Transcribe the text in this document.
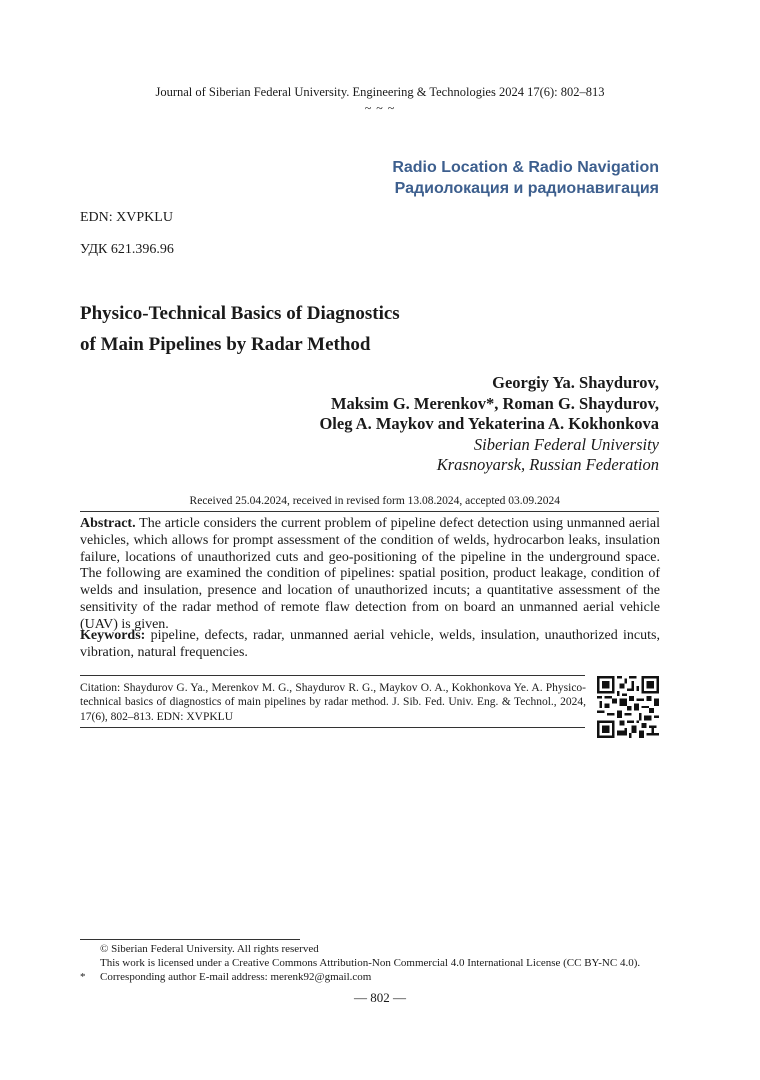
Journal of Siberian Federal University. Engineering & Technologies 2024 17(6): 802–813
~ ~ ~
Radio Location & Radio Navigation
Радиолокация и радионавигация
EDN: XVPKLU
УДК 621.396.96
Physico-Technical Basics of Diagnostics
of Main Pipelines by Radar Method
Georgiy Ya. Shaydurov,
Maksim G. Merenkov*, Roman G. Shaydurov,
Oleg A. Maykov and Yekaterina A. Kokhonkova
Siberian Federal University
Krasnoyarsk, Russian Federation
Received 25.04.2024, received in revised form 13.08.2024, accepted 03.09.2024
Abstract. The article considers the current problem of pipeline defect detection using unmanned aerial vehicles, which allows for prompt assessment of the condition of welds, hydrocarbon leaks, insulation failure, locations of unauthorized cuts and geo-positioning of the pipeline in the underground space. The following are examined the condition of pipelines: spatial position, product leakage, condition of welds and insulation, presence and location of unauthorized incuts; a quantitative assessment of the sensitivity of the radar method of remote flaw detection from on board an unmanned aerial vehicle (UAV) is given.
Keywords: pipeline, defects, radar, unmanned aerial vehicle, welds, insulation, unauthorized incuts, vibration, natural frequencies.
Citation: Shaydurov G. Ya., Merenkov M. G., Shaydurov R. G., Maykov O. A., Kokhonkova Ye. A. Physico-technical basics of diagnostics of main pipelines by radar method. J. Sib. Fed. Univ. Eng. & Technol., 2024, 17(6), 802–813. EDN: XVPKLU
© Siberian Federal University. All rights reserved
This work is licensed under a Creative Commons Attribution-Non Commercial 4.0 International License (CC BY-NC 4.0).
* Corresponding author E-mail address: merenk92@gmail.com
— 802 —
